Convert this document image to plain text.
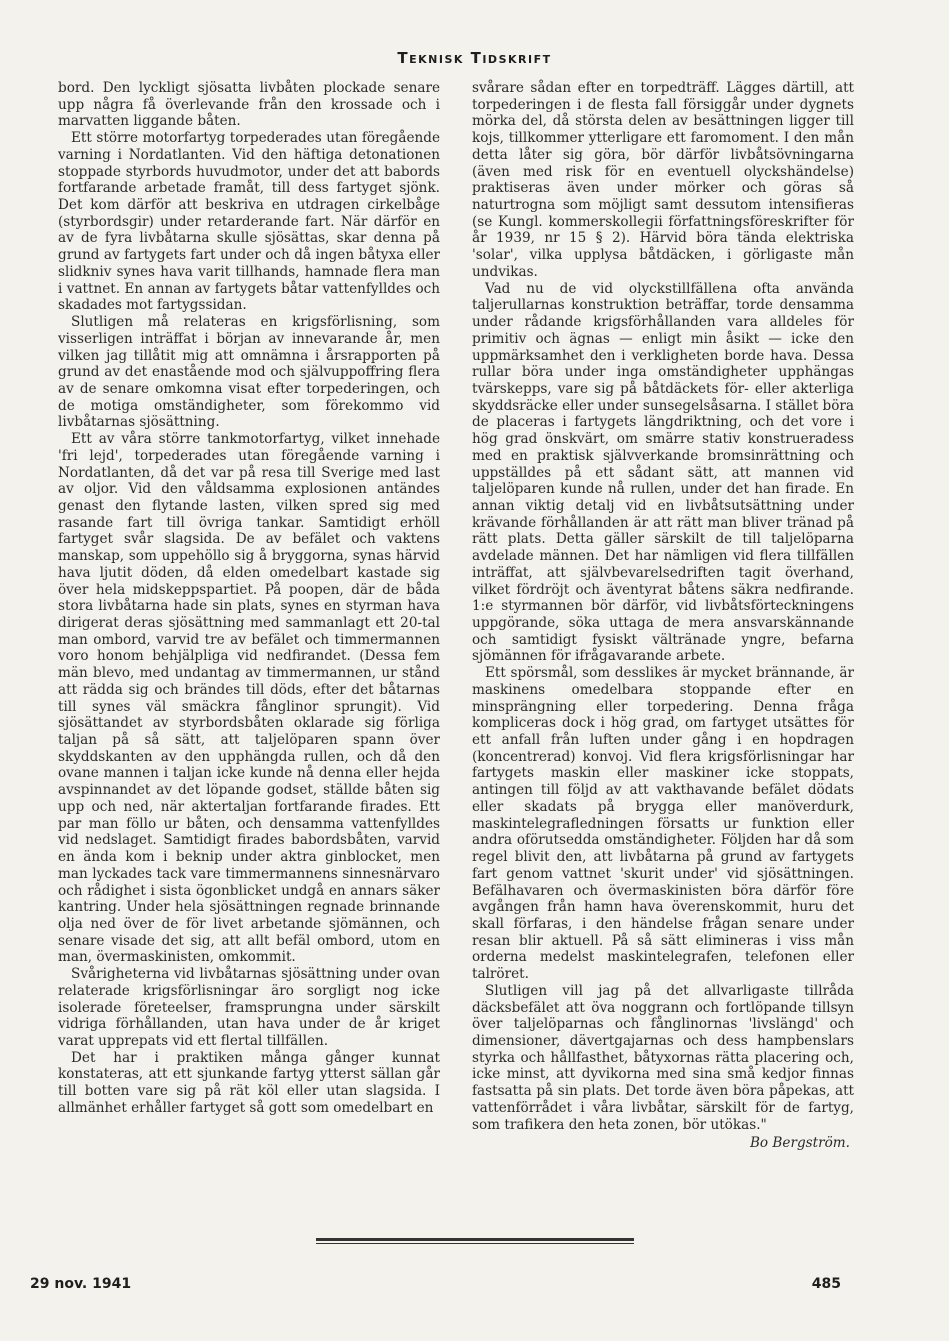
Teknisk Tidskrift

bord. Den lyckligt sjösatta livbåten plockade senare upp några få överlevande från den krossade och i marvatten liggande båten.

Ett större motorfartyg torpederades utan föregående varning i Nordatlanten. Vid den häftiga detonationen stoppade styrbords huvudmotor, under det att babords fortfarande arbetade framåt, till dess fartyget sjönk. Det kom därför att beskriva en utdragen cirkelbåge (styrbordsgir) under retarderande fart. När därför en av de fyra livbåtarna skulle sjösättas, skar denna på grund av fartygets fart under och då ingen båtyxa eller slidkniv synes hava varit tillhands, hamnade flera man i vattnet. En annan av fartygets båtar vattenfylldes och skadades mot fartygssidan.

Slutligen må relateras en krigsförlisning, som visserligen inträffat i början av innevarande år, men vilken jag tillåtit mig att omnämna i årsrapporten på grund av det enastående mod och självuppoffring flera av de senare omkomna visat efter torpederingen, och de motiga omständigheter, som förekommo vid livbåtarnas sjösättning.

Ett av våra större tankmotorfartyg, vilket innehade 'fri lejd', torpederades utan föregående varning i Nordatlanten, då det var på resa till Sverige med last av oljor. Vid den våldsamma explosionen antändes genast den flytande lasten, vilken spred sig med rasande fart till övriga tankar. Samtidigt erhöll fartyget svår slagsida. De av befälet och vaktens manskap, som uppehöllo sig å bryggorna, synas härvid hava ljutit döden, då elden omedelbart kastade sig över hela midskeppspartiet. På poopen, där de båda stora livbåtarna hade sin plats, synes en styrman hava dirigerat deras sjösättning med sammanlagt ett 20-tal man ombord, varvid tre av befälet och timmermannen voro honom behjälpliga vid nedfirandet. (Dessa fem män blevo, med undantag av timmermannen, ur stånd att rädda sig och brändes till döds, efter det båtarnas till synes väl smäckra fånglinor sprungit). Vid sjösättandet av styrbordsbåten oklarade sig förliga taljan på så sätt, att taljelöparen spann över skyddskanten av den upphängda rullen, och då den ovane mannen i taljan icke kunde nå denna eller hejda avspinnandet av det löpande godset, ställde båten sig upp och ned, när aktertaljan fortfarande firades. Ett par man föllo ur båten, och densamma vattenfylldes vid nedslaget. Samtidigt firades babordsbåten, varvid en ända kom i beknip under aktra ginblocket, men man lyckades tack vare timmermannens sinnesnärvaro och rådighet i sista ögonblicket undgå en annars säker kantring. Under hela sjösättningen regnade brinnande olja ned över de för livet arbetande sjömännen, och senare visade det sig, att allt befäl ombord, utom en man, övermaskinisten, omkommit.

Svårigheterna vid livbåtarnas sjösättning under ovan relaterade krigsförlisningar äro sorgligt nog icke isolerade företeelser, framsprungna under särskilt vidriga förhållanden, utan hava under de år kriget varat upprepats vid ett flertal tillfällen.

Det har i praktiken många gånger kunnat konstateras, att ett sjunkande fartyg ytterst sällan går till botten vare sig på rät köl eller utan slagsida. I allmänhet erhåller fartyget så gott som omedelbart en

svårare sådan efter en torpedträff. Lägges därtill, att torpederingen i de flesta fall försiggår under dygnets mörka del, då största delen av besättningen ligger till kojs, tillkommer ytterligare ett faromoment. I den mån detta låter sig göra, bör därför livbåtsövningarna (även med risk för en eventuell olyckshändelse) praktiseras även under mörker och göras så naturtrogna som möjligt samt dessutom intensifieras (se Kungl. kommerskollegii författningsföreskrifter för år 1939, nr 15 § 2). Härvid böra tända elektriska 'solar', vilka upplysa båtdäcken, i görligaste mån undvikas.

Vad nu de vid olyckstillfällena ofta använda taljerullarnas konstruktion beträffar, torde densamma under rådande krigsförhållanden vara alldeles för primitiv och ägnas — enligt min åsikt — icke den uppmärksamhet den i verkligheten borde hava. Dessa rullar böra under inga omständigheter upphängas tvärskepps, vare sig på båtdäckets för- eller akterliga skyddsräcke eller under sunsegelsåsarna. I stället böra de placeras i fartygets längdriktning, och det vore i hög grad önskvärt, om smärre stativ konstrueradess med en praktisk självverkande bromsinrättning och uppställdes på ett sådant sätt, att mannen vid taljelöparen kunde nå rullen, under det han firade. En annan viktig detalj vid en livbåtsutsättning under krävande förhållanden är att rätt man bliver tränad på rätt plats. Detta gäller särskilt de till taljelöparna avdelade männen. Det har nämligen vid flera tillfällen inträffat, att självbevarelsedriften tagit överhand, vilket fördröjt och äventyrat båtens säkra nedfirande. 1:e styrmannen bör därför, vid livbåtsförteckningens uppgörande, söka uttaga de mera ansvarskännande och samtidigt fysiskt vältränade yngre, befarna sjömännen för ifrågavarande arbete.

Ett spörsmål, som desslikes är mycket brännande, är maskinens omedelbara stoppande efter en minsprängning eller torpedering. Denna fråga kompliceras dock i hög grad, om fartyget utsättes för ett anfall från luften under gång i en hopdragen (koncentrerad) konvoj. Vid flera krigsförlisningar har fartygets maskin eller maskiner icke stoppats, antingen till följd av att vakthavande befälet dödats eller skadats på brygga eller manöverdurk, maskintelegrafledningen försatts ur funktion eller andra oförutsedda omständigheter. Följden har då som regel blivit den, att livbåtarna på grund av fartygets fart genom vattnet 'skurit under' vid sjösättningen. Befälhavaren och övermaskinisten böra därför före avgången från hamn hava överenskommit, huru det skall förfaras, i den händelse frågan senare under resan blir aktuell. På så sätt elimineras i viss mån orderna medelst maskintelegrafen, telefonen eller talröret.

Slutligen vill jag på det allvarligaste tillråda däcksbefälet att öva noggrann och fortlöpande tillsyn över taljelöparnas och fånglinornas 'livslängd' och dimensioner, dävertgajarnas och dess hampbenslars styrka och hållfasthet, båtyxornas rätta placering och, icke minst, att dyvikorna med sina små kedjor finnas fastsatta på sin plats. Det torde även böra påpekas, att vattenförrådet i våra livbåtar, särskilt för de fartyg, som trafikera den heta zonen, bör utökas."

Bo Bergström.
29 nov. 1941	485
